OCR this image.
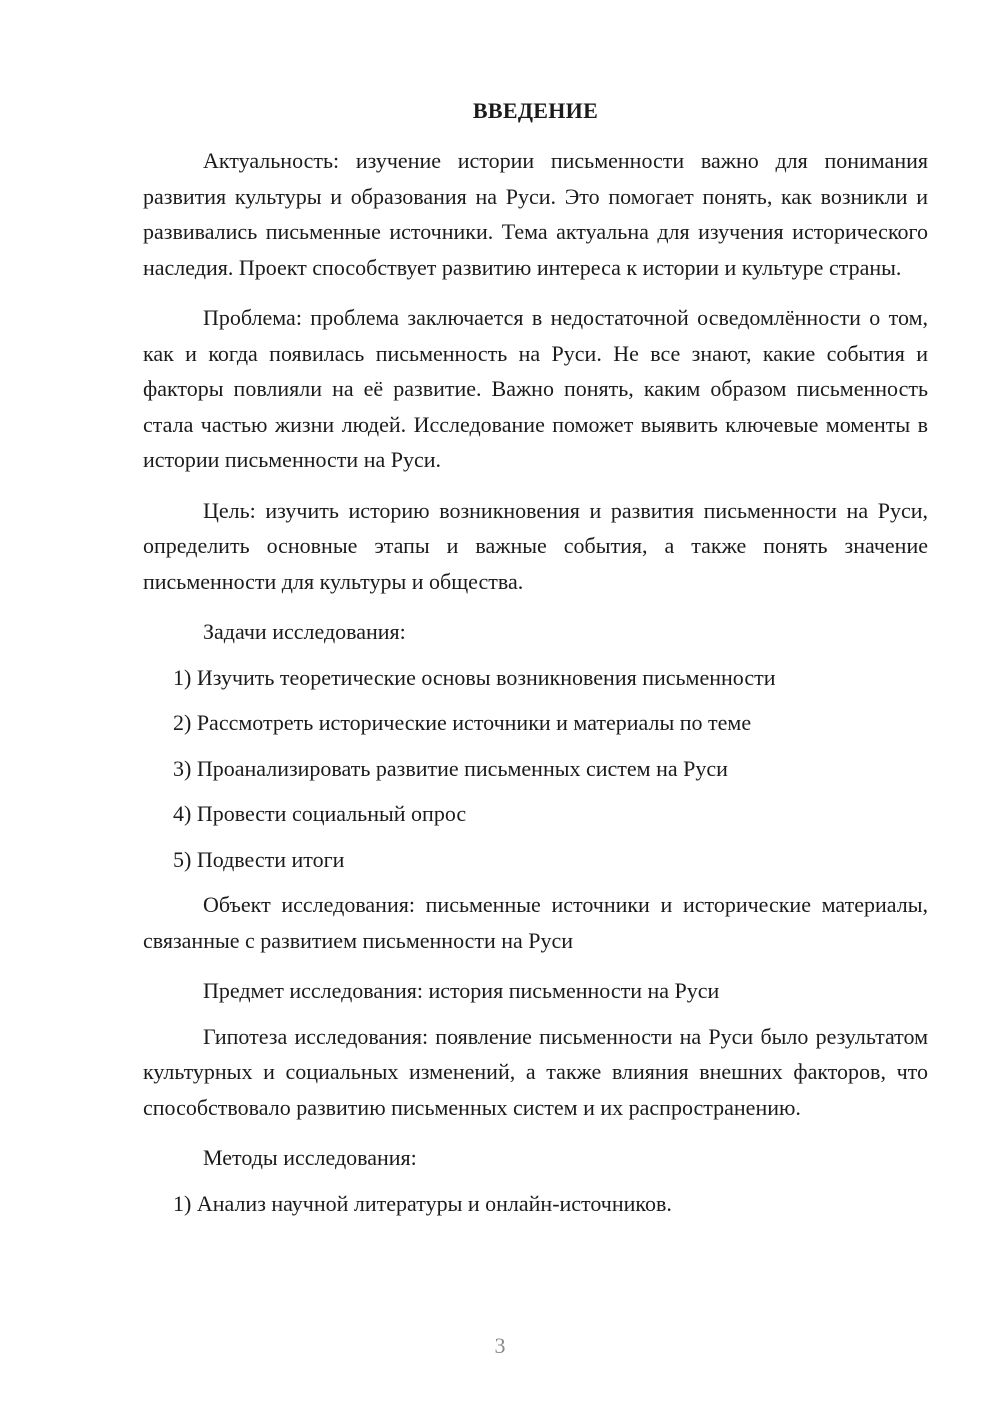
ВВЕДЕНИЕ

Актуальность: изучение истории письменности важно для понимания развития культуры и образования на Руси. Это помогает понять, как возникли и развивались письменные источники. Тема актуальна для изучения исторического наследия. Проект способствует развитию интереса к истории и культуре страны.

Проблема: проблема заключается в недостаточной осведомлённости о том, как и когда появилась письменность на Руси. Не все знают, какие события и факторы повлияли на её развитие. Важно понять, каким образом письменность стала частью жизни людей. Исследование поможет выявить ключевые моменты в истории письменности на Руси.

Цель: изучить историю возникновения и развития письменности на Руси, определить основные этапы и важные события, а также понять значение письменности для культуры и общества.

Задачи исследования:

1) Изучить теоретические основы возникновения письменности
2) Рассмотреть исторические источники и материалы по теме
3) Проанализировать развитие письменных систем на Руси
4) Провести социальный опрос
5) Подвести итоги

Объект исследования: письменные источники и исторические материалы, связанные с развитием письменности на Руси

Предмет исследования: история письменности на Руси

Гипотеза исследования: появление письменности на Руси было результатом культурных и социальных изменений, а также влияния внешних факторов, что способствовало развитию письменных систем и их распространению.

Методы исследования:

1) Анализ научной литературы и онлайн-источников.
3
